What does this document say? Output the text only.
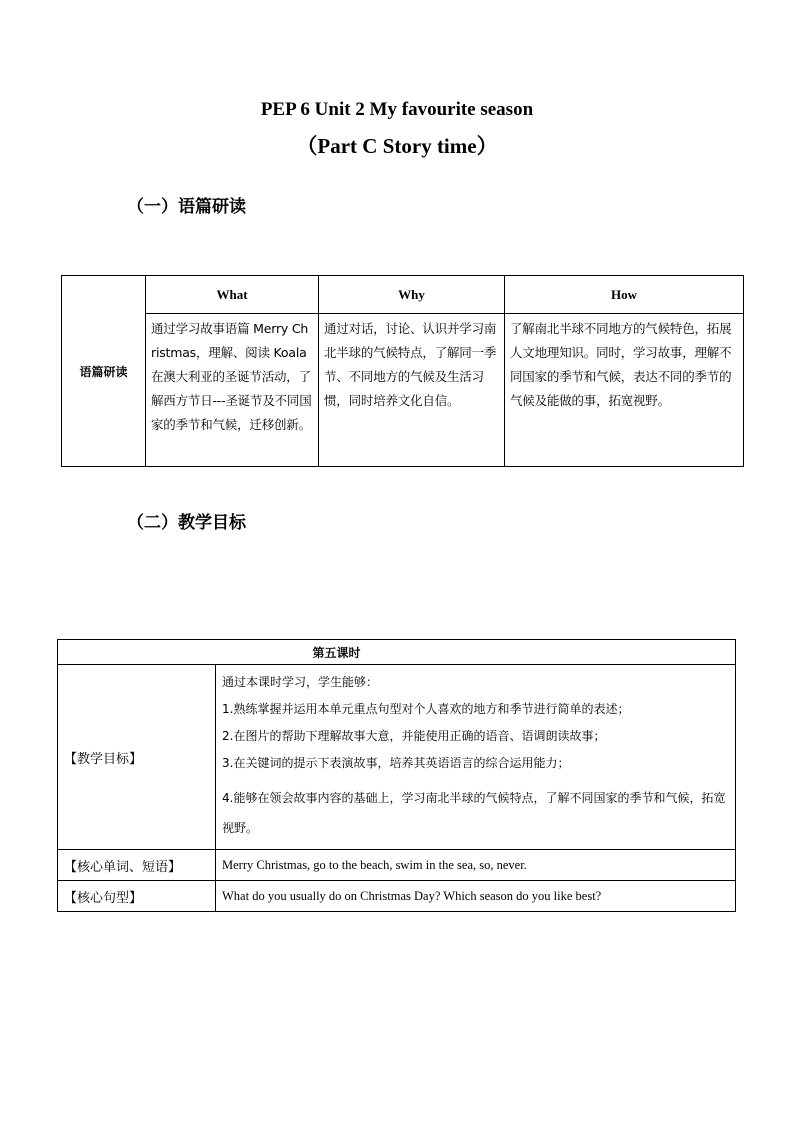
PEP 6 Unit 2 My favourite season
（Part C Story time）
（一）语篇研读
语篇研读	What	Why	How
	通过学习故事语篇 Merry Christmas，理解、阅读 Koala 在澳大利亚的圣诞节活动，了解西方节日---圣诞节及不同国家的季节和气候，迁移创新。	通过对话，讨论、认识并学习南北半球的气候特点，了解同一季节、不同地方的气候及生活习惯，同时培养文化自信。	了解南北半球不同地方的气候特色，拓展人文地理知识。同时，学习故事，理解不同国家的季节和气候，表达不同的季节的气候及能做的事，拓宽视野。
（二）教学目标
第五课时	
【教学目标】	通过本课时学习，学生能够：
1.熟练掌握并运用本单元重点句型对个人喜欢的地方和季节进行简单的表述；
2.在图片的帮助下理解故事大意，并能使用正确的语音、语调朗读故事；
3.在关键词的提示下表演故事，培养其英语语言的综合运用能力；
4.能够在领会故事内容的基础上，学习南北半球的气候特点，了解不同国家的季节和气候，拓宽视野。

【核心单词、短语】	Merry Christmas, go to the beach, swim in the sea, so, never.
【核心句型】	What do you usually do on Christmas Day? Which season do you like best?
